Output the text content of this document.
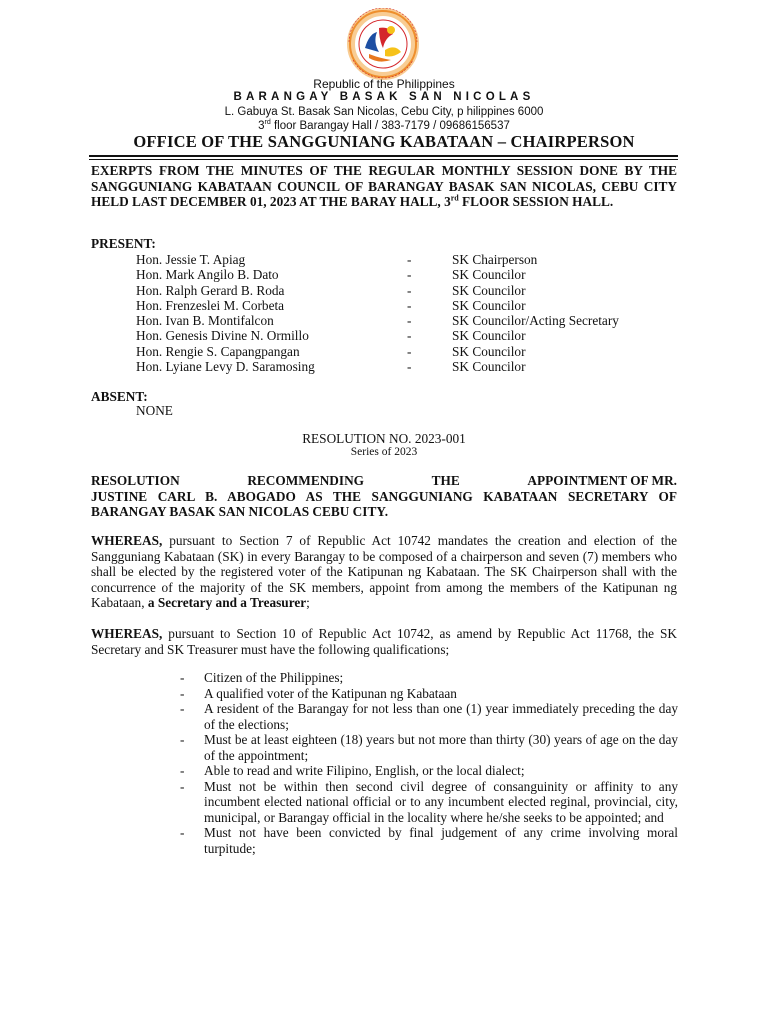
Republic of the Philippines
BARANGAY BASAK SAN NICOLAS
L. Gabuya St. Basak San Nicolas, Cebu City, p hilippines 6000
3rd floor Barangay Hall / 383-7179 / 09686156537
OFFICE OF THE SANGGUNIANG KABATAAN – CHAIRPERSON
EXERPTS FROM THE MINUTES OF THE REGULAR MONTHLY SESSION DONE BY THE SANGGUNIANG KABATAAN COUNCIL OF BARANGAY BASAK SAN NICOLAS, CEBU CITY HELD LAST DECEMBER 01, 2023 AT THE BARAY HALL, 3rd FLOOR SESSION HALL.
PRESENT:
Hon. Jessie T. Apiag	-	SK Chairperson
Hon. Mark Angilo B. Dato	-	SK Councilor
Hon. Ralph Gerard B. Roda	-	SK Councilor
Hon. Frenzeslei M. Corbeta	-	SK Councilor
Hon. Ivan B. Montifalcon	-	SK Councilor/Acting Secretary
Hon. Genesis Divine N. Ormillo	-	SK Councilor
Hon. Rengie S. Capangpangan	-	SK Councilor
Hon. Lyiane Levy D. Saramosing	-	SK Councilor
ABSENT:
NONE
RESOLUTION NO. 2023-001
Series of 2023
RESOLUTION	RECOMMENDING	THE	APPOINTMENT OF MR.
JUSTINE CARL B. ABOGADO AS THE SANGGUNIANG KABATAAN SECRETARY OF BARANGAY BASAK SAN NICOLAS CEBU CITY.
WHEREAS, pursuant to Section 7 of Republic Act 10742 mandates the creation and election of the Sangguniang Kabataan (SK) in every Barangay to be composed of a chairperson and seven (7) members who shall be elected by the registered voter of the Katipunan ng Kabataan. The SK Chairperson shall with the concurrence of the majority of the SK members, appoint from among the members of the Katipunan ng Kabataan, a Secretary and a Treasurer;
WHEREAS, pursuant to Section 10 of Republic Act 10742, as amend by Republic Act 11768, the SK Secretary and SK Treasurer must have the following qualifications;
- Citizen of the Philippines;
- A qualified voter of the Katipunan ng Kabataan
- A resident of the Barangay for not less than one (1) year immediately preceding the day of the elections;
- Must be at least eighteen (18) years but not more than thirty (30) years of age on the day of the appointment;
- Able to read and write Filipino, English, or the local dialect;
- Must not be within then second civil degree of consanguinity or affinity to any incumbent elected national official or to any incumbent elected reginal, provincial, city, municipal, or Barangay official in the locality where he/she seeks to be appointed; and
- Must not have been convicted by final judgement of any crime involving moral turpitude;
